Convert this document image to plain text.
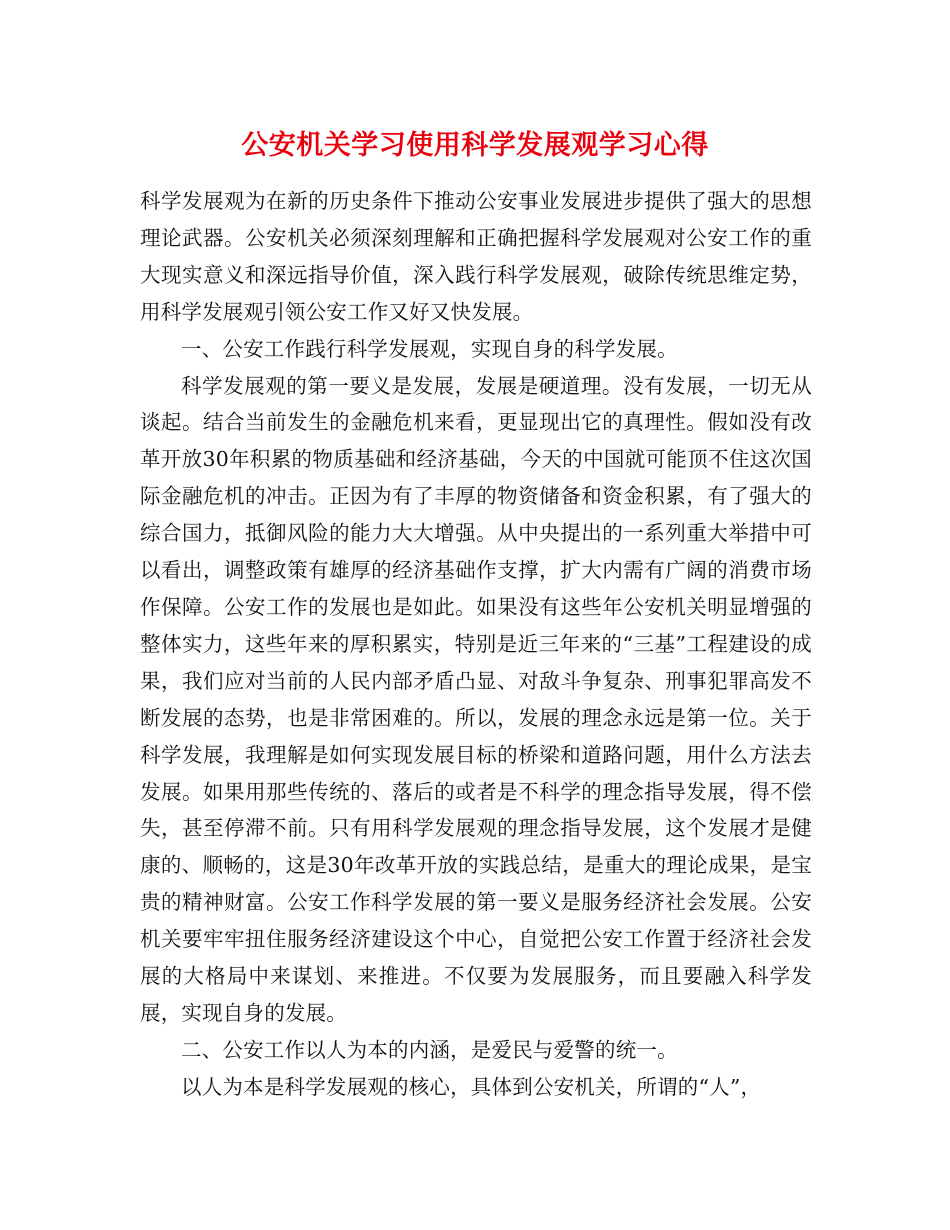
公安机关学习使用科学发展观学习心得

科学发展观为在新的历史条件下推动公安事业发展进步提供了强大的思想理论武器。公安机关必须深刻理解和正确把握科学发展观对公安工作的重大现实意义和深远指导价值，深入践行科学发展观，破除传统思维定势，用科学发展观引领公安工作又好又快发展。

一、公安工作践行科学发展观，实现自身的科学发展。

科学发展观的第一要义是发展，发展是硬道理。没有发展，一切无从谈起。结合当前发生的金融危机来看，更显现出它的真理性。假如没有改革开放30年积累的物质基础和经济基础，今天的中国就可能顶不住这次国际金融危机的冲击。正因为有了丰厚的物资储备和资金积累，有了强大的综合国力，抵御风险的能力大大增强。从中央提出的一系列重大举措中可以看出，调整政策有雄厚的经济基础作支撑，扩大内需有广阔的消费市场作保障。公安工作的发展也是如此。如果没有这些年公安机关明显增强的整体实力，这些年来的厚积累实，特别是近三年来的“三基”工程建设的成果，我们应对当前的人民内部矛盾凸显、对敌斗争复杂、刑事犯罪高发不断发展的态势，也是非常困难的。所以，发展的理念永远是第一位。关于科学发展，我理解是如何实现发展目标的桥梁和道路问题，用什么方法去发展。如果用那些传统的、落后的或者是不科学的理念指导发展，得不偿失，甚至停滞不前。只有用科学发展观的理念指导发展，这个发展才是健康的、顺畅的，这是30年改革开放的实践总结，是重大的理论成果，是宝贵的精神财富。公安工作科学发展的第一要义是服务经济社会发展。公安机关要牢牢扭住服务经济建设这个中心，自觉把公安工作置于经济社会发展的大格局中来谋划、来推进。不仅要为发展服务，而且要融入科学发展，实现自身的发展。

二、公安工作以人为本的内涵，是爱民与爱警的统一。

以人为本是科学发展观的核心，具体到公安机关，所谓的“人”，
